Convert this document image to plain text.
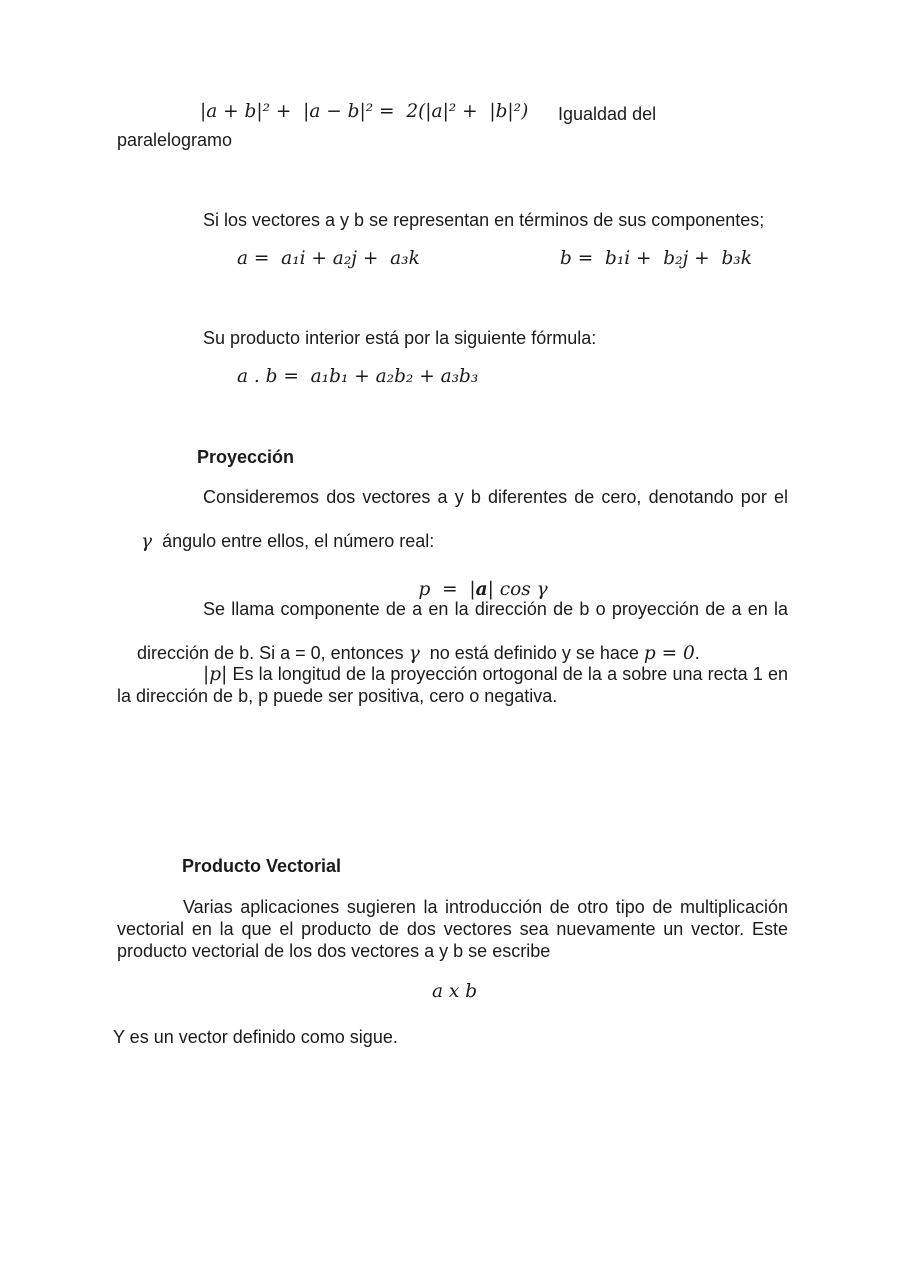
|a + b|² +  |a − b|² =  2(|a|² +  |b|²) Igualdad del
paralelogramo
Si los vectores a y b se representan en términos de sus componentes;
a =  a₁i + a₂j +  a₃k	b =  b₁i +  b₂j +  b₃k
Su producto interior está por la siguiente fórmula:
a . b =  a₁b₁ + a₂b₂ + a₃b₃
Proyección
Consideremos dos vectores a y b diferentes de cero, denotando por el

γ  ángulo entre ellos, el número real:

p  =  |a| cos γ

Se llama componente de a en la dirección de b o proyección de a en la

dirección de b. Si a = 0, entonces γ  no está definido y se hace p = 0.

|p| Es la longitud de la proyección ortogonal de la a sobre una recta 1 en
la dirección de b, p puede ser positiva, cero o negativa.
Producto Vectorial
Varias aplicaciones sugieren la introducción de otro tipo de multiplicación
vectorial en la que el producto de dos vectores sea nuevamente un vector. Este
producto vectorial de los dos vectores a y b se escribe
a x b
Y es un vector definido como sigue.
